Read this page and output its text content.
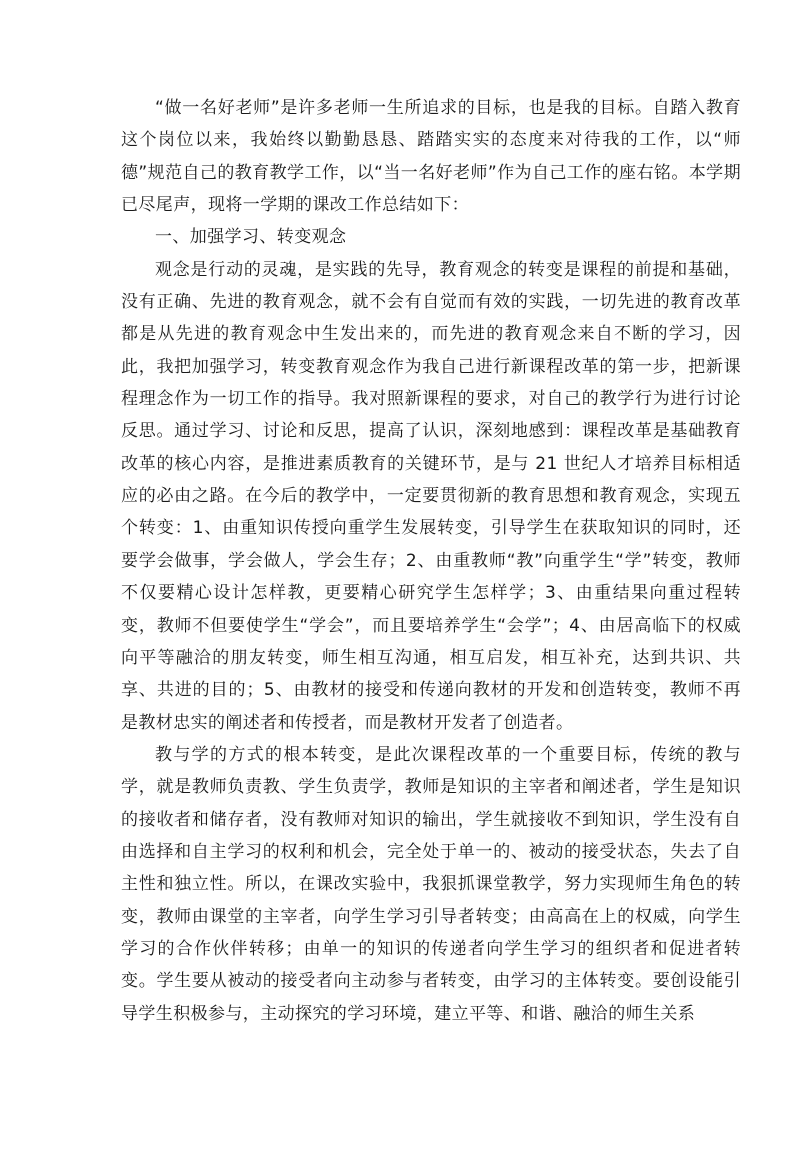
“做一名好老师”是许多老师一生所追求的目标，也是我的目标。自踏入教育这个岗位以来，我始终以勤勤恳恳、踏踏实实的态度来对待我的工作，以“师德”规范自己的教育教学工作，以“当一名好老师”作为自己工作的座右铭。本学期已尽尾声，现将一学期的课改工作总结如下：

一、加强学习、转变观念

观念是行动的灵魂，是实践的先导，教育观念的转变是课程的前提和基础，没有正确、先进的教育观念，就不会有自觉而有效的实践，一切先进的教育改革都是从先进的教育观念中生发出来的，而先进的教育观念来自不断的学习，因此，我把加强学习，转变教育观念作为我自己进行新课程改革的第一步，把新课程理念作为一切工作的指导。我对照新课程的要求，对自己的教学行为进行讨论反思。通过学习、讨论和反思，提高了认识，深刻地感到：课程改革是基础教育改革的核心内容，是推进素质教育的关键环节，是与 21 世纪人才培养目标相适应的必由之路。在今后的教学中，一定要贯彻新的教育思想和教育观念，实现五个转变：1、由重知识传授向重学生发展转变，引导学生在获取知识的同时，还要学会做事，学会做人，学会生存；2、由重教师“教”向重学生“学”转变，教师不仅要精心设计怎样教，更要精心研究学生怎样学；3、由重结果向重过程转变，教师不但要使学生“学会”，而且要培养学生“会学”；4、由居高临下的权威向平等融洽的朋友转变，师生相互沟通，相互启发，相互补充，达到共识、共享、共进的目的；5、由教材的接受和传递向教材的开发和创造转变，教师不再是教材忠实的阐述者和传授者，而是教材开发者了创造者。

教与学的方式的根本转变，是此次课程改革的一个重要目标，传统的教与学，就是教师负责教、学生负责学，教师是知识的主宰者和阐述者，学生是知识的接收者和储存者，没有教师对知识的输出，学生就接收不到知识，学生没有自由选择和自主学习的权利和机会，完全处于单一的、被动的接受状态，失去了自主性和独立性。所以，在课改实验中，我狠抓课堂教学，努力实现师生角色的转变，教师由课堂的主宰者，向学生学习引导者转变；由高高在上的权威，向学生学习的合作伙伴转移；由单一的知识的传递者向学生学习的组织者和促进者转变。学生要从被动的接受者向主动参与者转变，由学习的主体转变。要创设能引导学生积极参与，主动探究的学习环境，建立平等、和谐、融洽的师生关系
